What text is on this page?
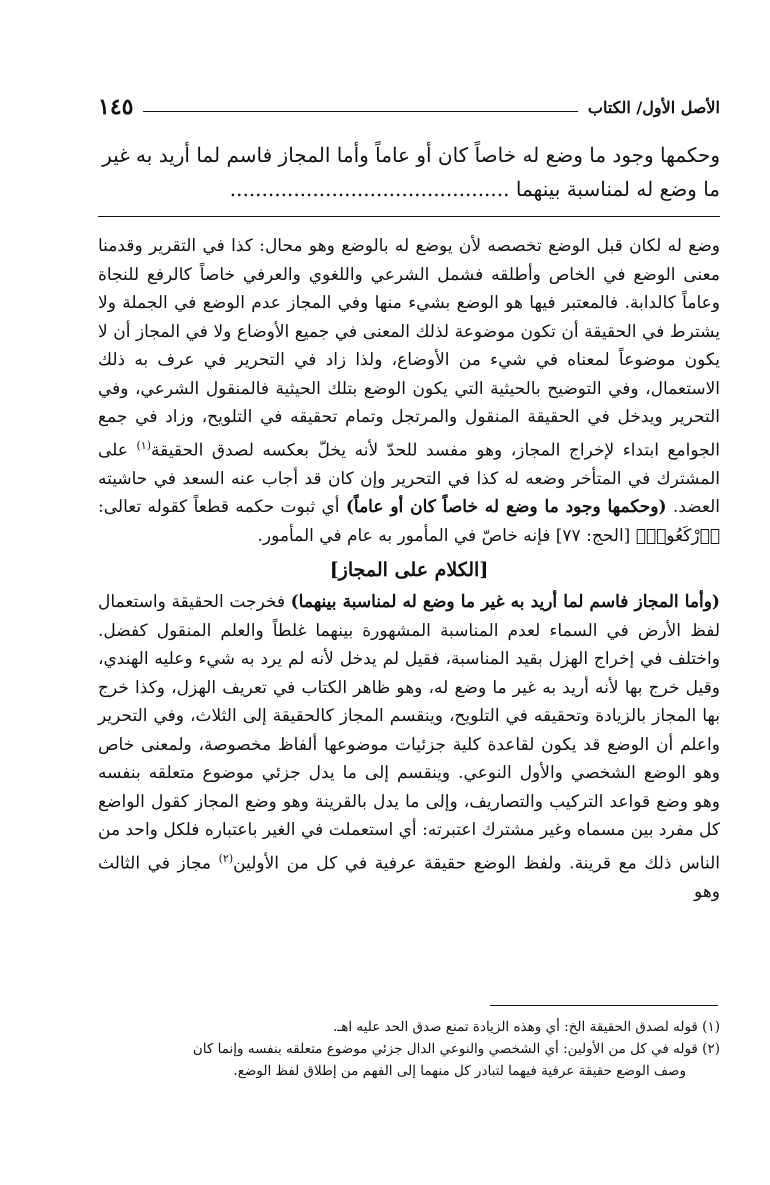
الأصل الأول/ الكتاب
١٤٥
وحكمها وجود ما وضع له خاصاً كان أو عاماً وأما المجاز فاسم لما أريد به غير
ما وضع له لمناسبة بينهما ............................................

وضع له لكان قبل الوضع تخصصه لأن يوضع له بالوضع وهو محال: كذا في التقرير وقدمنا معنى الوضع في الخاص وأطلقه فشمل الشرعي واللغوي والعرفي خاصاً كالرفع للنجاة وعاماً كالدابة. فالمعتبر فيها هو الوضع بشيء منها وفي المجاز عدم الوضع في الجملة ولا يشترط في الحقيقة أن تكون موضوعة لذلك المعنى في جميع الأوضاع ولا في المجاز أن لا يكون موضوعاً لمعناه في شيء من الأوضاع، ولذا زاد في التحرير في عرف به ذلك الاستعمال، وفي التوضيح بالحيثية التي يكون الوضع بتلك الحيثية فالمنقول الشرعي، وفي التحرير ويدخل في الحقيقة المنقول والمرتجل وتمام تحقيقه في التلويح، وزاد في جمع الجوامع ابتداء لإخراج المجاز، وهو مفسد للحدّ لأنه يخلّ بعكسه لصدق الحقيقة$^{(١)}$ على المشترك في المتأخر وضعه له كذا في التحرير وإن كان قد أجاب عنه السعد في حاشيته العضد. (وحكمها وجود ما وضع له خاصاً كان أو عاماً) أي ثبوت حكمه قطعاً كقوله تعالى: ﴿ٱرْكَعُوا۟﴾ [الحج: ٧٧] فإنه خاصّ في المأمور به عام في المأمور.

[الكلام على المجاز]

(وأما المجاز فاسم لما أريد به غير ما وضع له لمناسبة بينهما) فخرجت الحقيقة واستعمال لفظ الأرض في السماء لعدم المناسبة المشهورة بينهما غلطاً والعلم المنقول كفضل. واختلف في إخراج الهزل بقيد المناسبة، فقيل لم يدخل لأنه لم يرد به شيء وعليه الهندي، وقيل خرج بها لأنه أريد به غير ما وضع له، وهو ظاهر الكتاب في تعريف الهزل، وكذا خرج بها المجاز بالزيادة وتحقيقه في التلويح، وينقسم المجاز كالحقيقة إلى الثلاث، وفي التحرير واعلم أن الوضع قد يكون لقاعدة كلية جزئيات موضوعها ألفاظ مخصوصة، ولمعنى خاص وهو الوضع الشخصي والأول النوعي. وينقسم إلى ما يدل جزئي موضوع متعلقه بنفسه وهو وضع قواعد التركيب والتصاريف، وإلى ما يدل بالقرينة وهو وضع المجاز كقول الواضع كل مفرد بين مسماه وغير مشترك اعتبرته: أي استعملت في الغير باعتباره فلكل واحد من الناس ذلك مع قرينة. ولفظ الوضع حقيقة عرفية في كل من الأولين$^{(٢)}$ مجاز في الثالث وهو

(١) قوله لصدق الحقيقة الخ: أي وهذه الزيادة تمنع صدق الحد عليه اهـ.

(٢) قوله في كل من الأولين: أي الشخصي والنوعي الدال جزئي موضوع متعلقه بنفسه وإنما كان

وصف الوضع حقيقة عرفية فيهما لتبادر كل منهما إلى الفهم من إطلاق لفظ الوضع.
